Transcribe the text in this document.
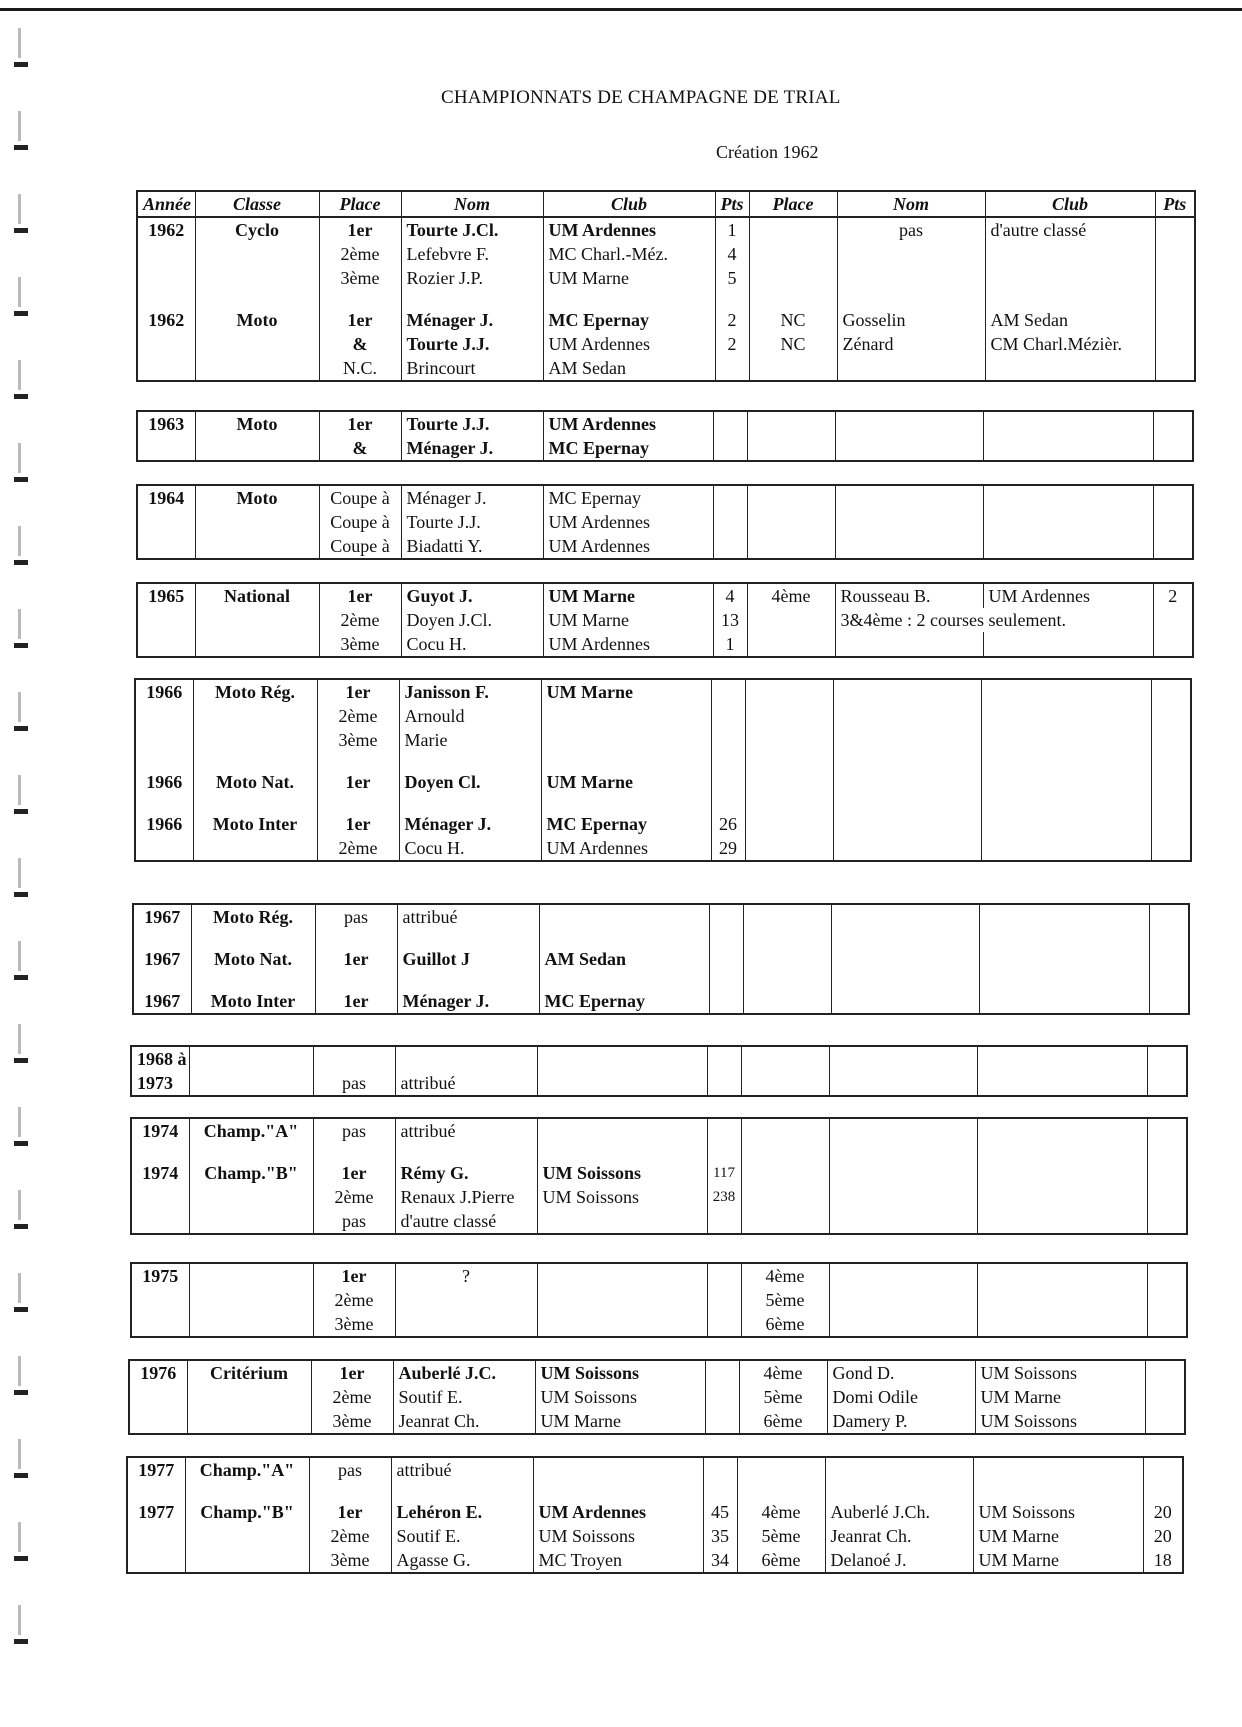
CHAMPIONNATS DE CHAMPAGNE DE TRIAL
Création 1962
Année	Classe	Place	Nom	Club	Pts	Place	Nom	Club	Pts
1962	Cyclo	1er	Tourte J.Cl.	UM Ardennes	1		pas	d'autre classé	
		2ème	Lefebvre F.	MC Charl.-Méz.	4				
		3ème	Rozier J.P.	UM Marne	5				

1962	Moto	1er	Ménager J.	MC Epernay	2	NC	Gosselin	AM Sedan	
		&	Tourte J.J.	UM Ardennes	2	NC	Zénard	CM Charl.Mézièr.	
		N.C.	Brincourt	AM Sedan					
1963	Moto	1er	Tourte J.J.	UM Ardennes					
		&	Ménager J.	MC Epernay					
1964	Moto	Coupe à	Ménager J.	MC Epernay					
		Coupe à	Tourte J.J.	UM Ardennes					
		Coupe à	Biadatti Y.	UM Ardennes					
1965	National	1er	Guyot J.	UM Marne	4	4ème	Rousseau B.	UM Ardennes	2
		2ème	Doyen J.Cl.	UM Marne	13		3&4ème : 2 courses seulement.		
		3ème	Cocu H.	UM Ardennes	1				
1966	Moto Rég.	1er	Janisson F.	UM Marne					
		2ème	Arnould						
		3ème	Marie						

1966	Moto Nat.	1er	Doyen Cl.	UM Marne					

1966	Moto Inter	1er	Ménager J.	MC Epernay	26				
		2ème	Cocu H.	UM Ardennes	29				
1967	Moto Rég.	pas	attribué						

1967	Moto Nat.	1er	Guillot J	AM Sedan					

1967	Moto Inter	1er	Ménager J.	MC Epernay					
1968 à									
1973		pas	attribué						
1974	Champ."A"	pas	attribué						

1974	Champ."B"	1er	Rémy G.	UM Soissons	117				
		2ème	Renaux J.Pierre	UM Soissons	238				
		pas	d'autre classé						
1975		1er	?			4ème			
		2ème				5ème			
		3ème				6ème			
1976	Critérium	1er	Auberlé J.C.	UM Soissons		4ème	Gond D.	UM Soissons	
		2ème	Soutif E.	UM Soissons		5ème	Domi Odile	UM Marne	
		3ème	Jeanrat Ch.	UM Marne		6ème	Damery P.	UM Soissons	
1977	Champ."A"	pas	attribué						

1977	Champ."B"	1er	Lehéron E.	UM Ardennes	45	4ème	Auberlé J.Ch.	UM Soissons	20
		2ème	Soutif E.	UM Soissons	35	5ème	Jeanrat Ch.	UM Marne	20
		3ème	Agasse G.	MC Troyen	34	6ème	Delanoé J.	UM Marne	18
